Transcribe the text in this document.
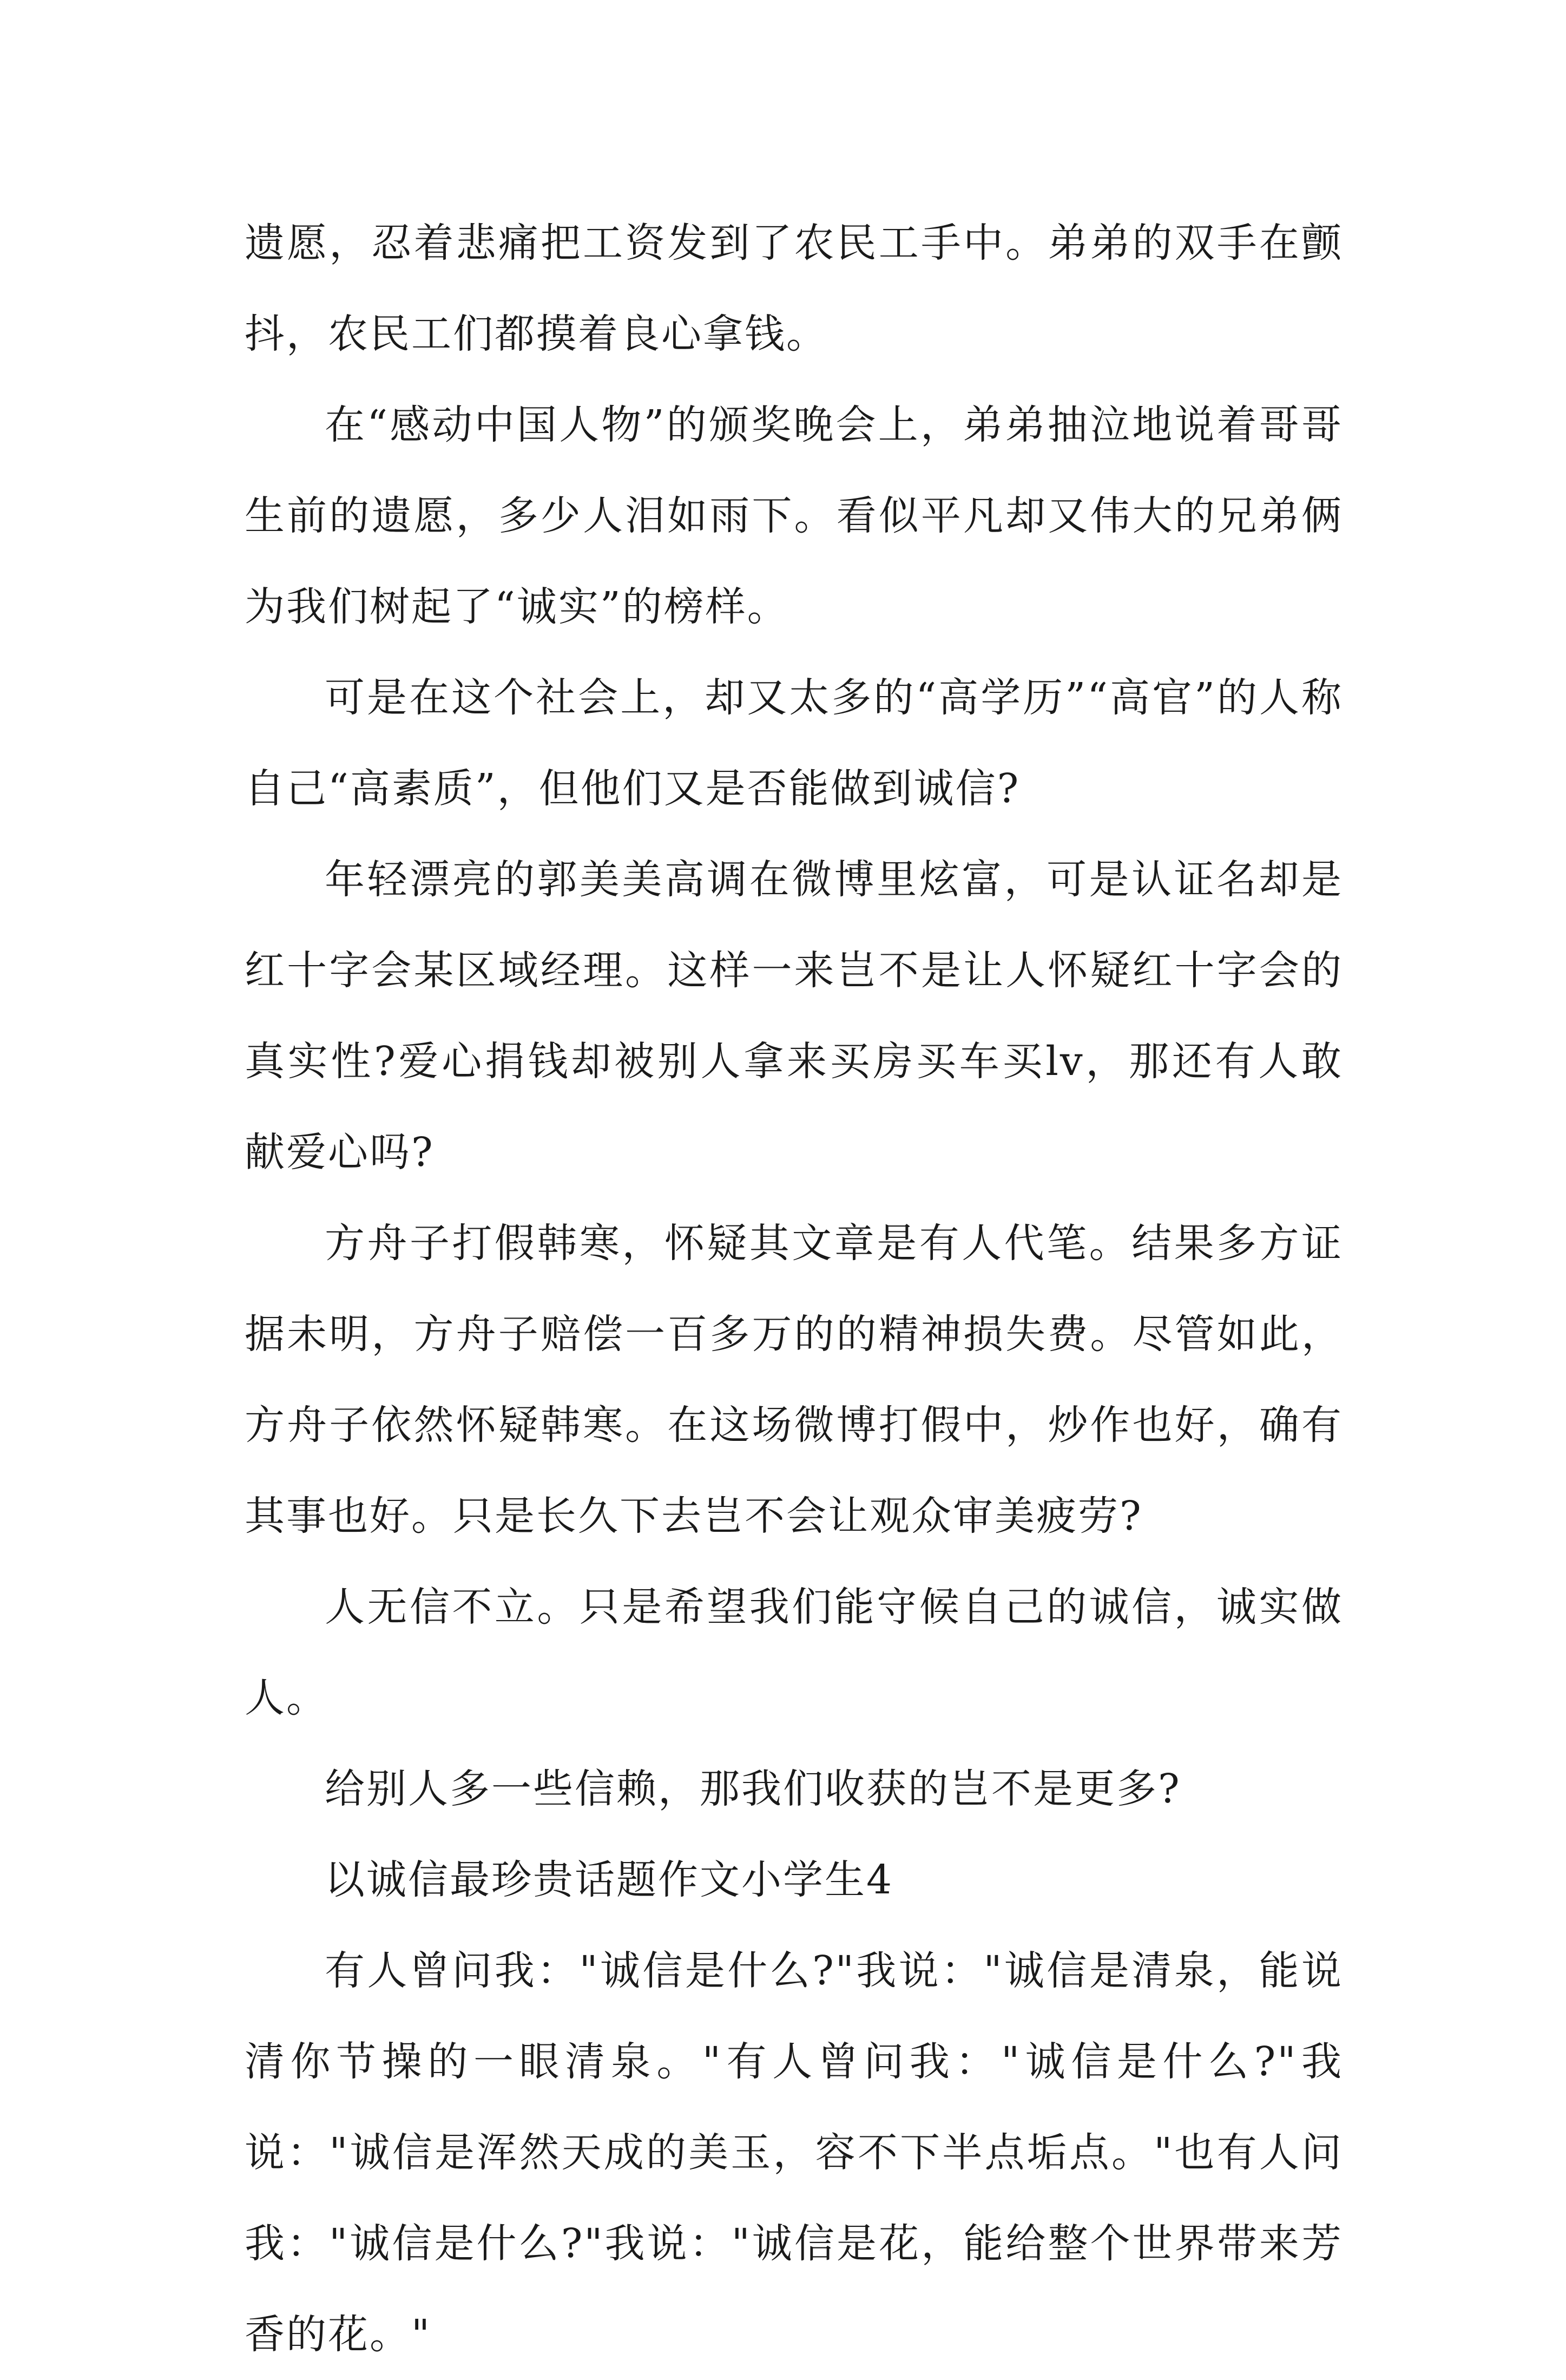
遗愿，忍着悲痛把工资发到了农民工手中。弟弟的双手在颤抖，农民工们都摸着良心拿钱。

在“感动中国人物”的颁奖晚会上，弟弟抽泣地说着哥哥生前的遗愿，多少人泪如雨下。看似平凡却又伟大的兄弟俩为我们树起了“诚实”的榜样。

可是在这个社会上，却又太多的“高学历”“高官”的人称自己“高素质”，但他们又是否能做到诚信?

年轻漂亮的郭美美高调在微博里炫富，可是认证名却是红十字会某区域经理。这样一来岂不是让人怀疑红十字会的真实性?爱心捐钱却被别人拿来买房买车买lv，那还有人敢献爱心吗?

方舟子打假韩寒，怀疑其文章是有人代笔。结果多方证据未明，方舟子赔偿一百多万的的精神损失费。尽管如此，方舟子依然怀疑韩寒。在这场微博打假中，炒作也好，确有其事也好。只是长久下去岂不会让观众审美疲劳?

人无信不立。只是希望我们能守候自己的诚信，诚实做人。

给别人多一些信赖，那我们收获的岂不是更多?

以诚信最珍贵话题作文小学生4

有人曾问我："诚信是什么?"我说："诚信是清泉，能说清你节操的一眼清泉。"有人曾问我："诚信是什么?"我说："诚信是浑然天成的美玉，容不下半点垢点。"也有人问我："诚信是什么?"我说："诚信是花，能给整个世界带来芳香的花。"
